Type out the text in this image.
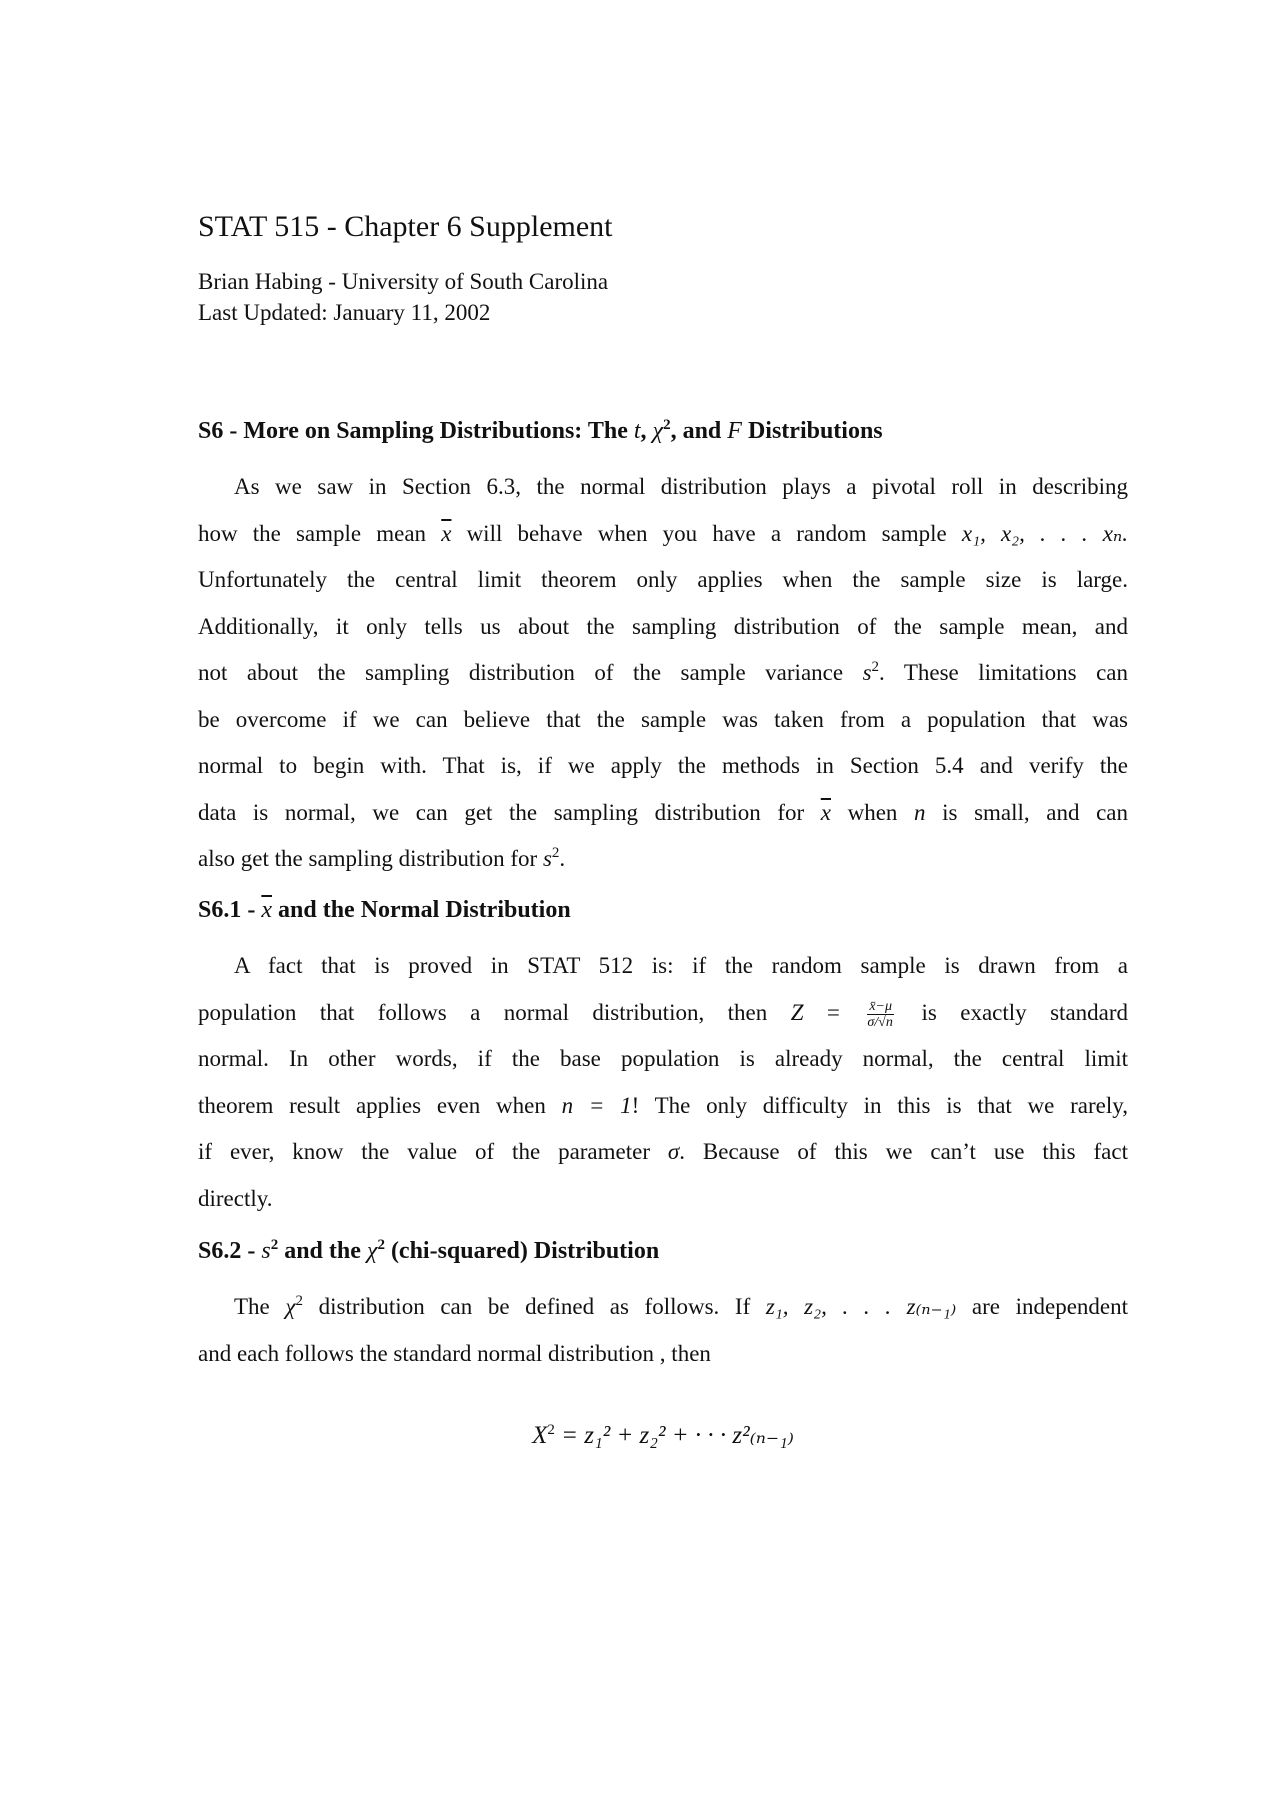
STAT 515 - Chapter 6 Supplement
Brian Habing - University of South Carolina
Last Updated: January 11, 2002
S6 - More on Sampling Distributions: The t, $\chi^2$, and F Distributions
As we saw in Section 6.3, the normal distribution plays a pivotal roll in describing
how the sample mean $\overline{x}$ will behave when you have a random sample x₁, x₂, . . . xₙ.
Unfortunately the central limit theorem only applies when the sample size is large.
Additionally, it only tells us about the sampling distribution of the sample mean, and
not about the sampling distribution of the sample variance $s^2$. These limitations can
be overcome if we can believe that the sample was taken from a population that was
normal to begin with. That is, if we apply the methods in Section 5.4 and verify the
data is normal, we can get the sampling distribution for $\overline{x}$ when n is small, and can
also get the sampling distribution for $s^2$.
$S6.1 - \overline{x}$ and the Normal Distribution
A fact that is proved in STAT 512 is: if the random sample is drawn from a
population that follows a normal distribution, then $Z = \frac{x̄-\mu}{\sigma/√n}$ is exactly standard
normal. In other words, if the base population is already normal, the central limit
theorem result applies even when n = 1! The only difficulty in this is that we rarely,
if ever, know the value of the parameter σ. Because of this we can’t use this fact
directly.
$S6.2 - s^2$ and the $\chi^2$ (chi-squared) Distribution
The $\chi^2$ distribution can be defined as follows. If z₁, z₂, . . . z₍ₙ₋₁₎ are independent
and each follows the standard normal distribution , then
$X^2 = z_1^2 + z_2^2$ + · · · z²₍ₙ₋₁₎
